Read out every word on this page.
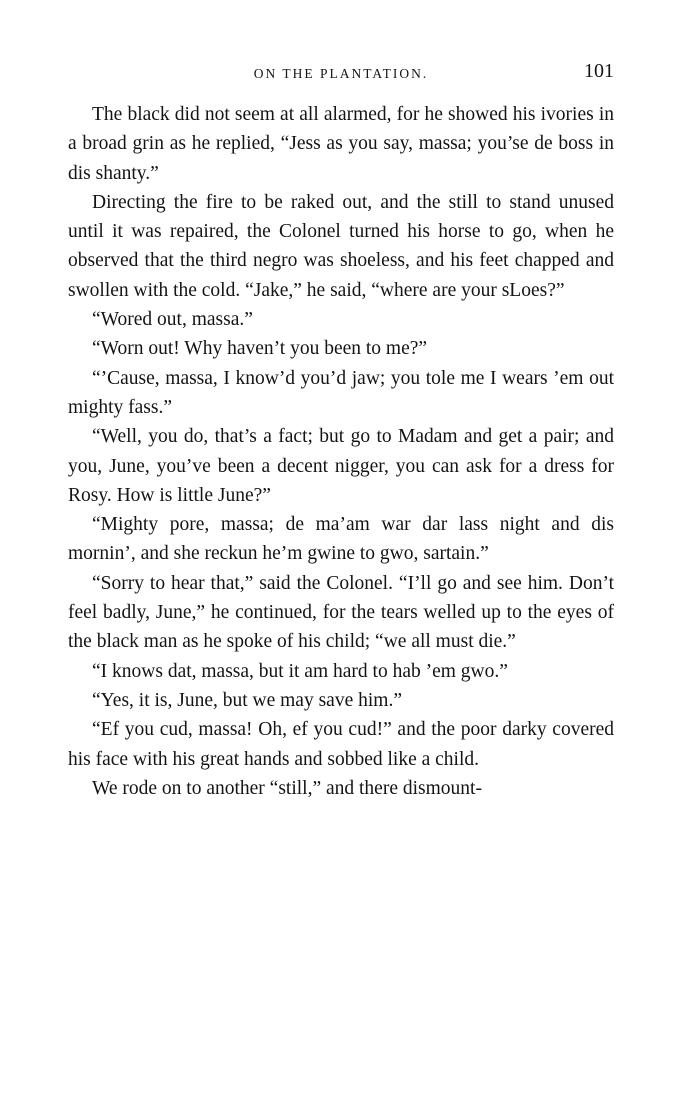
ON THE PLANTATION.	101

The black did not seem at all alarmed, for he showed his ivories in a broad grin as he replied, “Jess as you say, massa; you’se de boss in dis shanty.”

Directing the fire to be raked out, and the still to stand unused until it was repaired, the Colonel turned his horse to go, when he observed that the third negro was shoeless, and his feet chapped and swollen with the cold. “Jake,” he said, “where are your sLoes?”

“Wored out, massa.”

“Worn out! Why haven’t you been to me?”

“’Cause, massa, I know’d you’d jaw; you tole me I wears ’em out mighty fass.”

“Well, you do, that’s a fact; but go to Madam and get a pair; and you, June, you’ve been a decent nigger, you can ask for a dress for Rosy. How is little June?”

“Mighty pore, massa; de ma’am war dar lass night and dis mornin’, and she reckun he’m gwine to gwo, sartain.”

“Sorry to hear that,” said the Colonel. “I’ll go and see him. Don’t feel badly, June,” he continued, for the tears welled up to the eyes of the black man as he spoke of his child; “we all must die.”

“I knows dat, massa, but it am hard to hab ’em gwo.”

“Yes, it is, June, but we may save him.”

“Ef you cud, massa! Oh, ef you cud!” and the poor darky covered his face with his great hands and sobbed like a child.

We rode on to another “still,” and there dismount-
